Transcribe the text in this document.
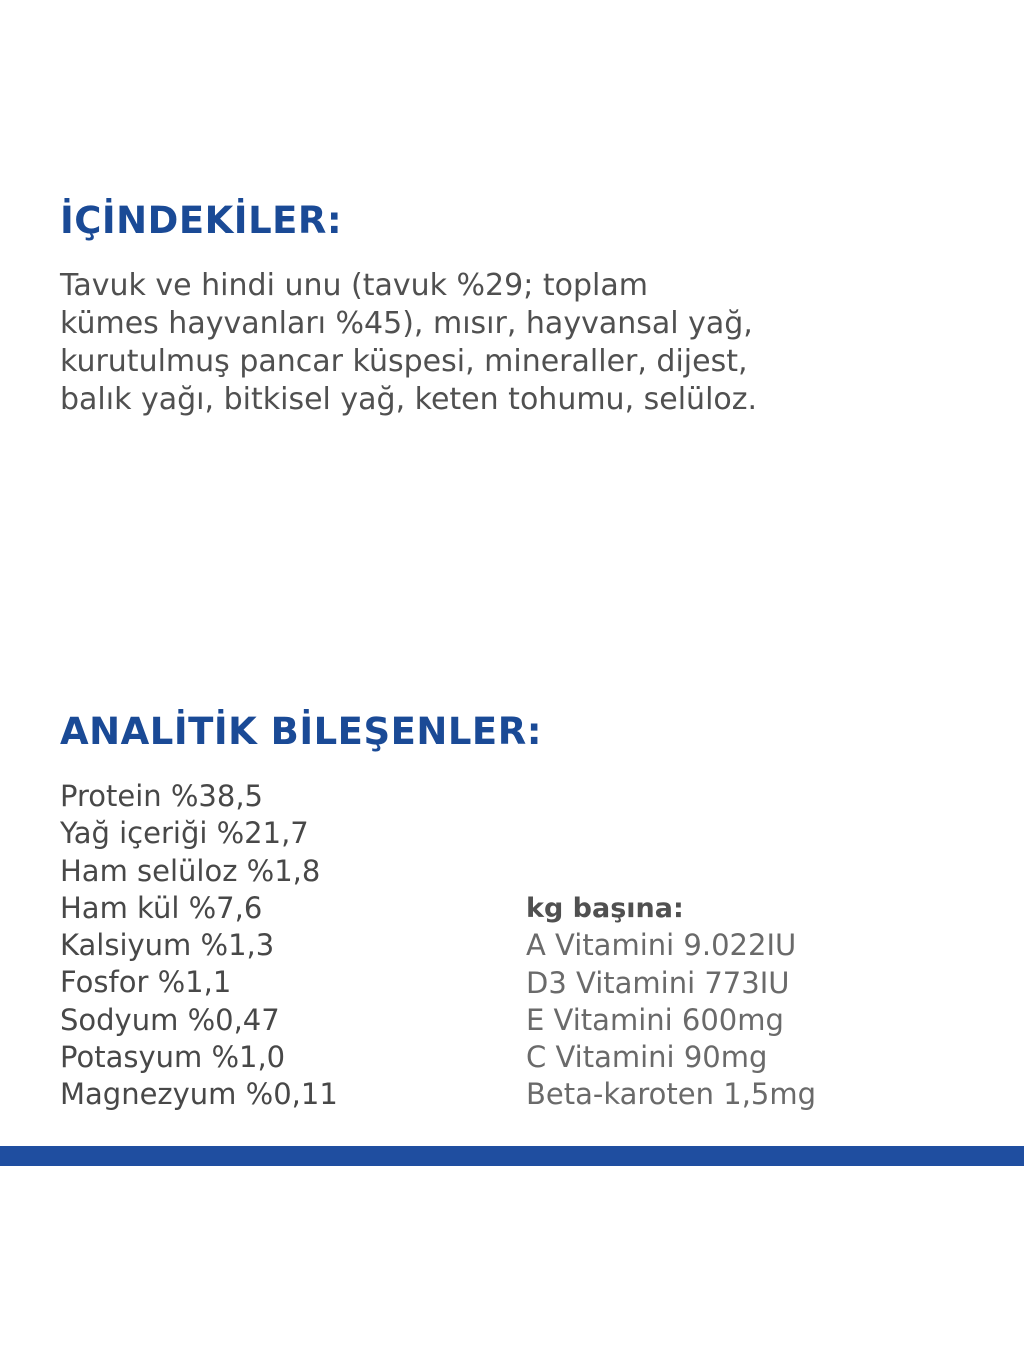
İÇİNDEKİLER:

Tavuk ve hindi unu (tavuk %29; toplam
kümes hayvanları %45), mısır, hayvansal yağ,
kurutulmuş pancar küspesi, mineraller, dijest,
balık yağı, bitkisel yağ, keten tohumu, selüloz.

ANALİTİK BİLEŞENLER:
Protein %38,5
Yağ içeriği %21,7
Ham selüloz %1,8
Ham kül %7,6
Kalsiyum %1,3
Fosfor %1,1
Sodyum %0,47
Potasyum %1,0
Magnezyum %0,11
kg başına:
A Vitamini 9.022IU
D3 Vitamini 773IU
E Vitamini 600mg
C Vitamini 90mg
Beta-karoten 1,5mg
